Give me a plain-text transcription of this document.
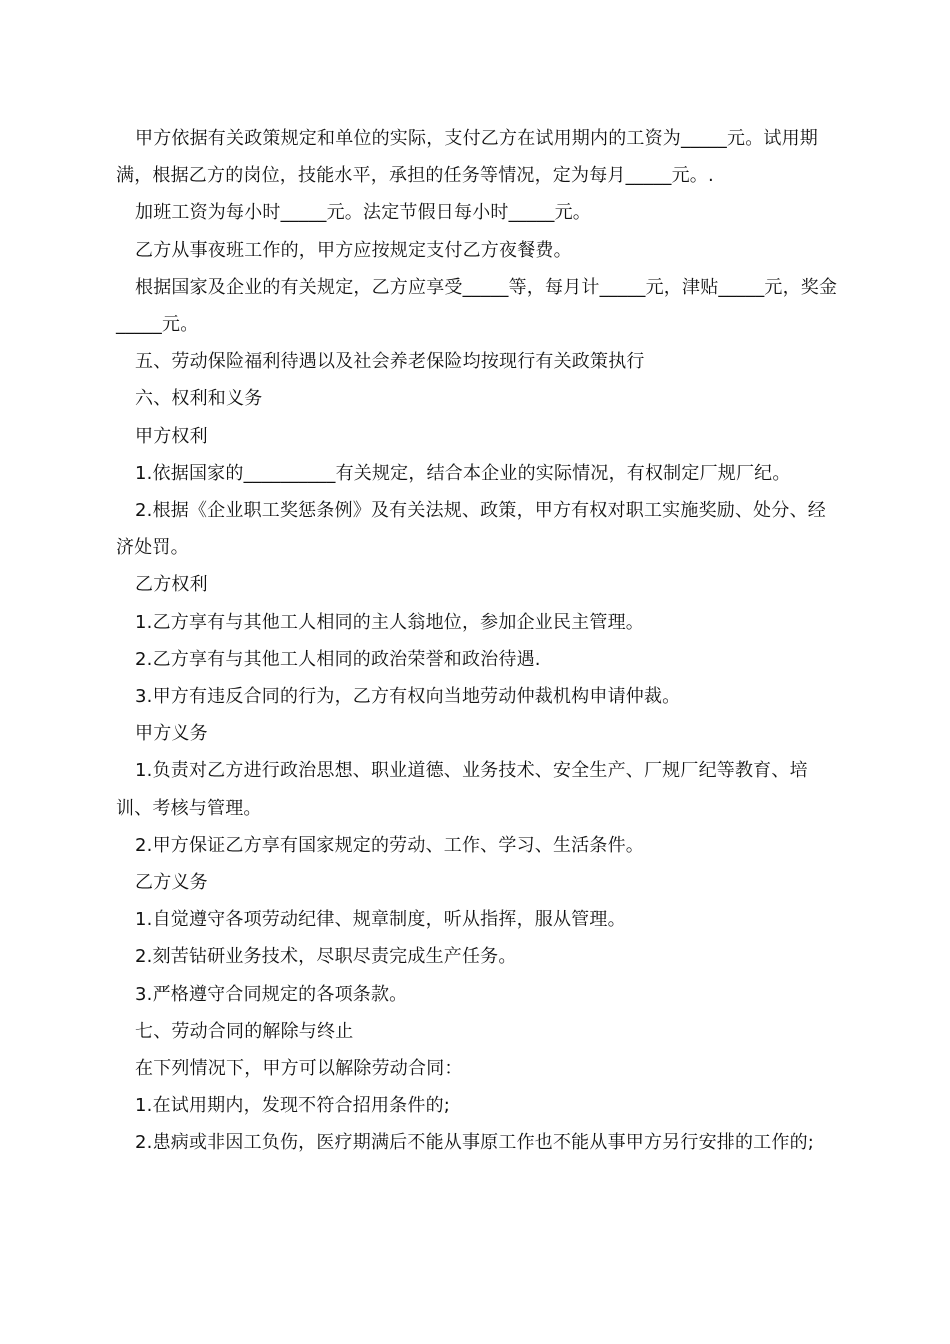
甲方依据有关政策规定和单位的实际，支付乙方在试用期内的工资为_____元。试用期满，根据乙方的岗位，技能水平，承担的任务等情况，定为每月_____元。.

加班工资为每小时_____元。法定节假日每小时_____元。

乙方从事夜班工作的，甲方应按规定支付乙方夜餐费。

根据国家及企业的有关规定，乙方应享受_____等，每月计_____元，津贴_____元，奖金_____元。

五、劳动保险福利待遇以及社会养老保险均按现行有关政策执行

六、权利和义务

甲方权利

1.依据国家的__________有关规定，结合本企业的实际情况，有权制定厂规厂纪。

2.根据《企业职工奖惩条例》及有关法规、政策，甲方有权对职工实施奖励、处分、经济处罚。

乙方权利

1.乙方享有与其他工人相同的主人翁地位，参加企业民主管理。

2.乙方享有与其他工人相同的政治荣誉和政治待遇.

3.甲方有违反合同的行为，乙方有权向当地劳动仲裁机构申请仲裁。

甲方义务

1.负责对乙方进行政治思想、职业道德、业务技术、安全生产、厂规厂纪等教育、培训、考核与管理。

2.甲方保证乙方享有国家规定的劳动、工作、学习、生活条件。

乙方义务

1.自觉遵守各项劳动纪律、规章制度，听从指挥，服从管理。

2.刻苦钻研业务技术，尽职尽责完成生产任务。

3.严格遵守合同规定的各项条款。

七、劳动合同的解除与终止

在下列情况下，甲方可以解除劳动合同：

1.在试用期内，发现不符合招用条件的;

2.患病或非因工负伤，医疗期满后不能从事原工作也不能从事甲方另行安排的工作的;
